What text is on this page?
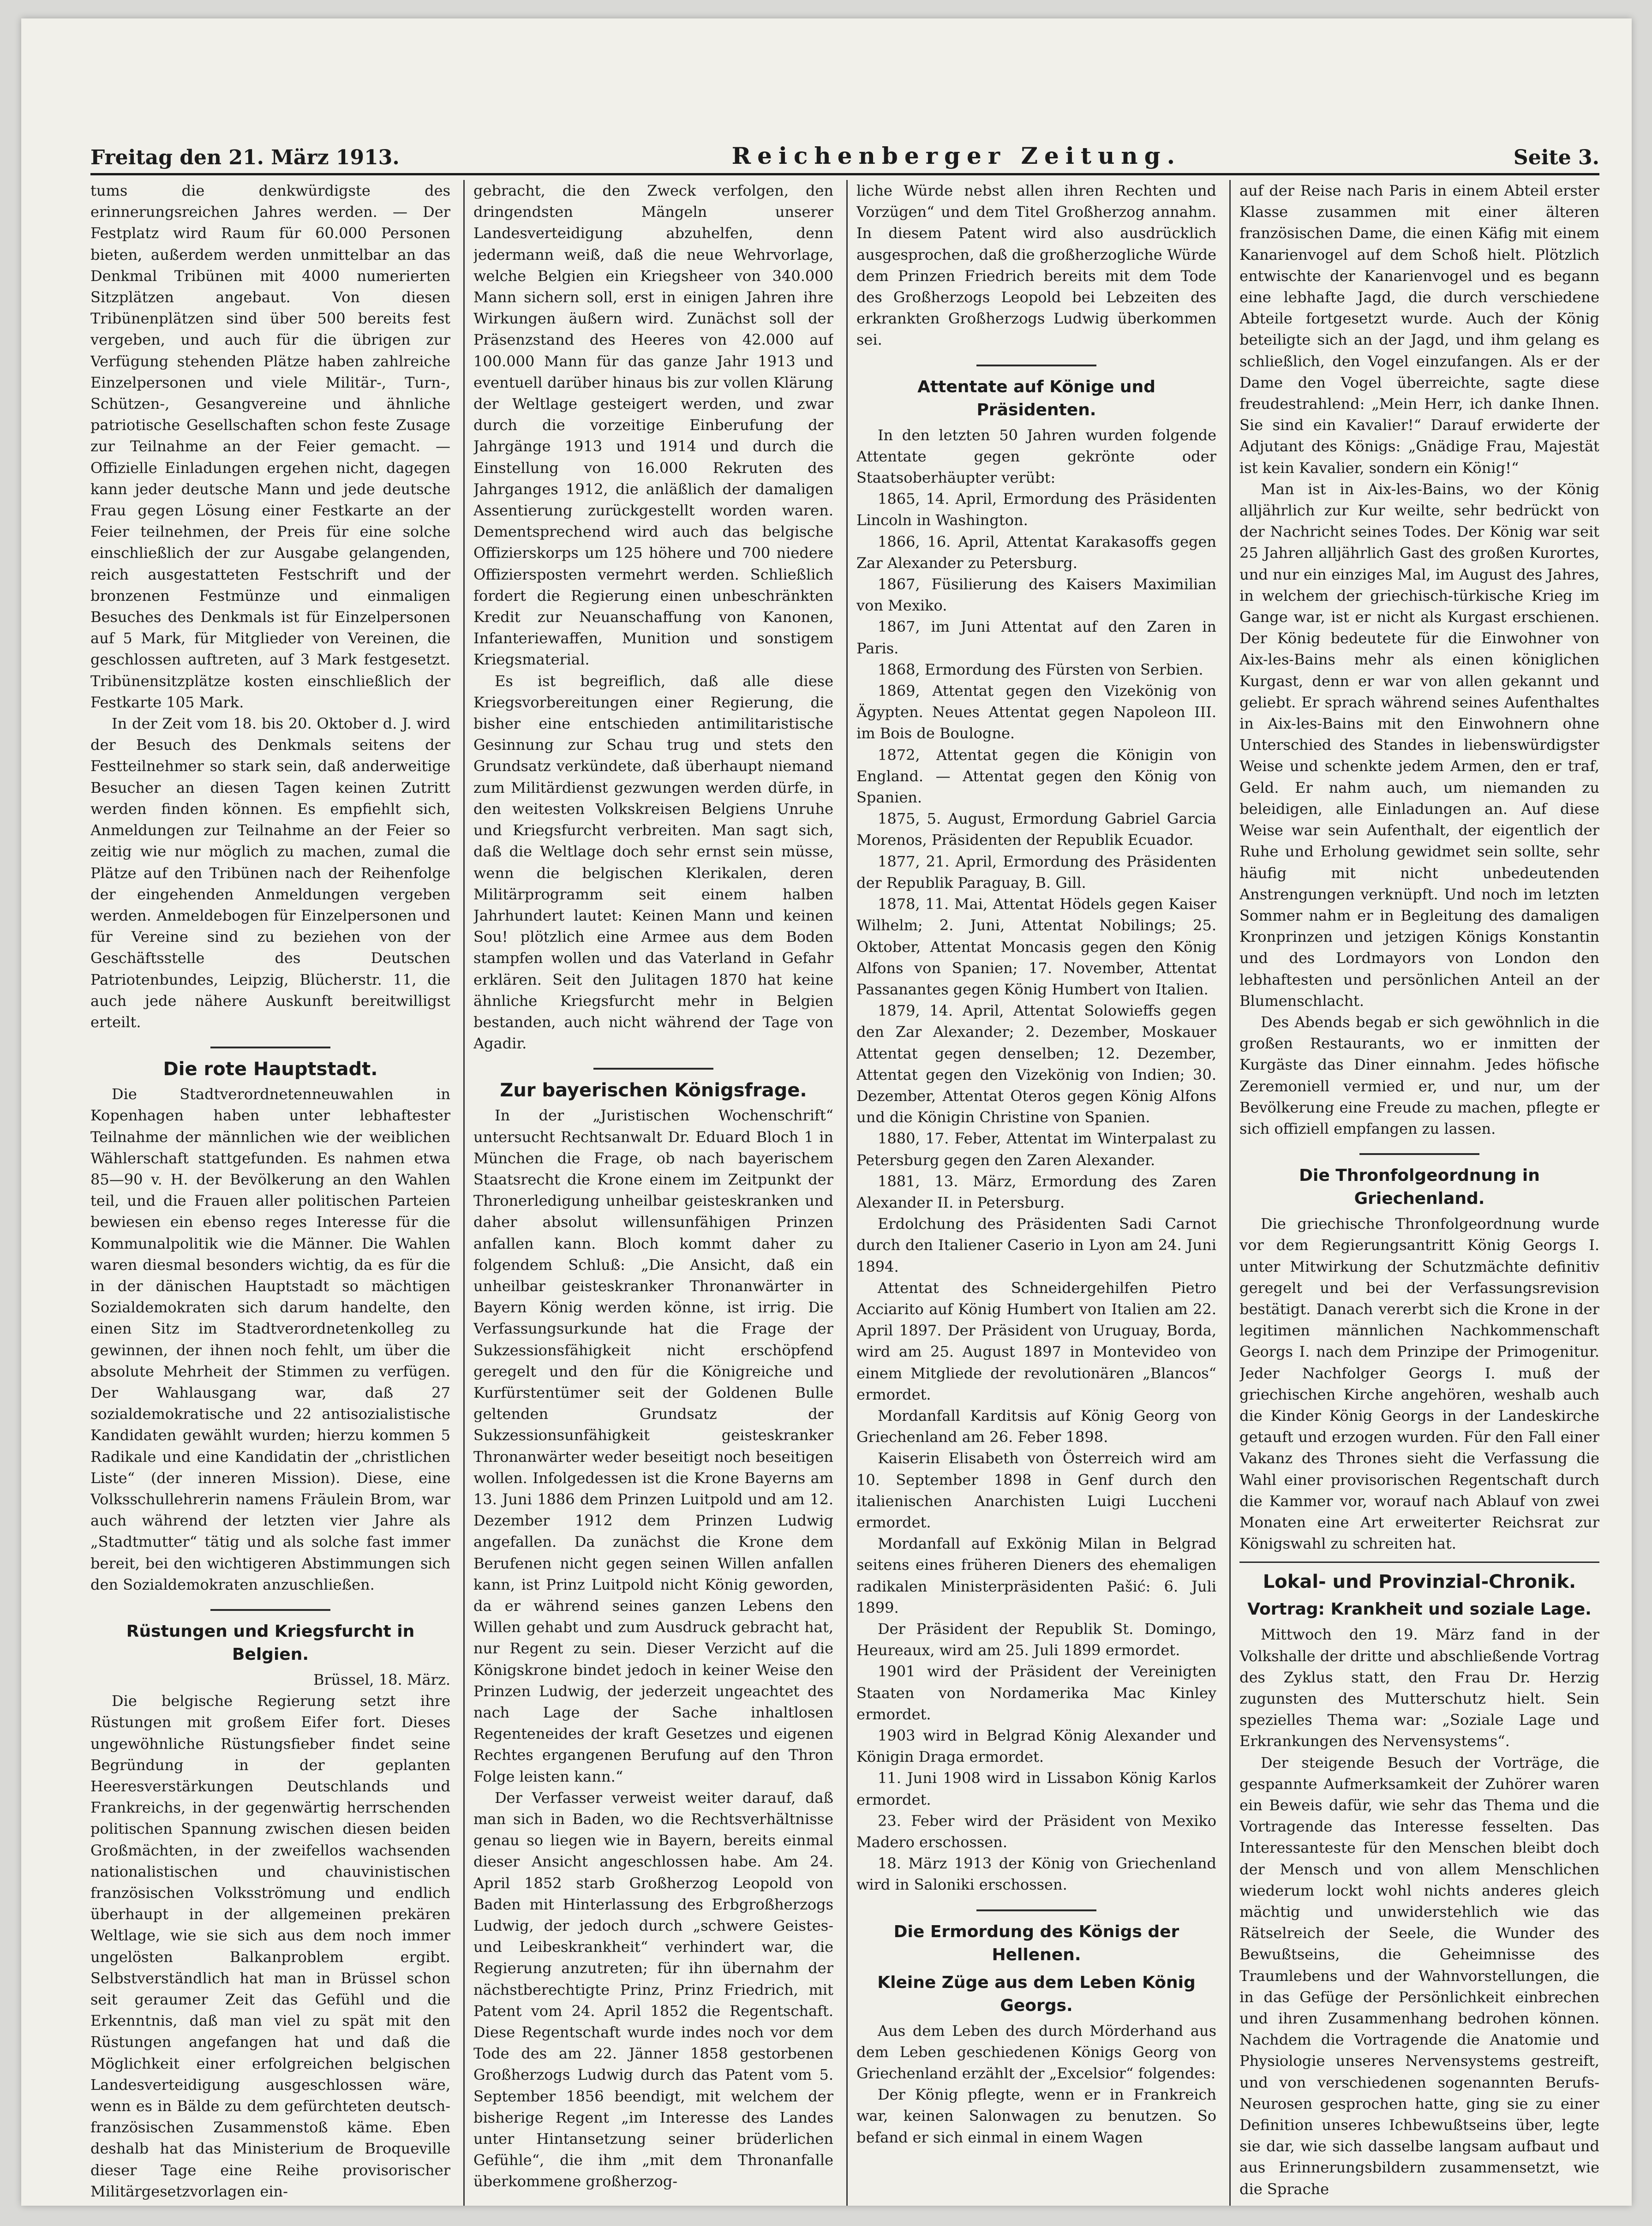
Freitag den 21. März 1913.	Reichenberger Zeitung.	Seite 3.

tums die denkwürdigste des erinnerungsreichen Jahres werden. — Der Festplatz wird Raum für 60.000 Personen bieten, außerdem werden unmittelbar an das Denkmal Tribünen mit 4000 numerierten Sitzplätzen angebaut. Von diesen Tribünenplätzen sind über 500 bereits fest vergeben, und auch für die übrigen zur Verfügung stehenden Plätze haben zahlreiche Einzelpersonen und viele Militär-, Turn-, Schützen-, Gesangvereine und ähnliche patriotische Gesellschaften schon feste Zusage zur Teilnahme an der Feier gemacht. — Offizielle Einladungen ergehen nicht, dagegen kann jeder deutsche Mann und jede deutsche Frau gegen Lösung einer Festkarte an der Feier teilnehmen, der Preis für eine solche einschließlich der zur Ausgabe gelangenden, reich ausgestatteten Festschrift und der bronzenen Festmünze und einmaligen Besuches des Denkmals ist für Einzelpersonen auf 5 Mark, für Mitglieder von Vereinen, die geschlossen auftreten, auf 3 Mark festgesetzt. Tribünensitzplätze kosten einschließlich der Festkarte 105 Mark.

In der Zeit vom 18. bis 20. Oktober d. J. wird der Besuch des Denkmals seitens der Festteilnehmer so stark sein, daß anderweitige Besucher an diesen Tagen keinen Zutritt werden finden können. Es empfiehlt sich, Anmeldungen zur Teilnahme an der Feier so zeitig wie nur möglich zu machen, zumal die Plätze auf den Tribünen nach der Reihenfolge der eingehenden Anmeldungen vergeben werden. Anmeldebogen für Einzelpersonen und für Vereine sind zu beziehen von der Geschäftsstelle des Deutschen Patriotenbundes, Leipzig, Blücherstr. 11, die auch jede nähere Auskunft bereitwilligst erteilt.

Die rote Hauptstadt.

Die Stadtverordnetenneuwahlen in Kopenhagen haben unter lebhaftester Teilnahme der männlichen wie der weiblichen Wählerschaft stattgefunden. Es nahmen etwa 85—90 v. H. der Bevölkerung an den Wahlen teil, und die Frauen aller politischen Parteien bewiesen ein ebenso reges Interesse für die Kommunalpolitik wie die Männer. Die Wahlen waren diesmal besonders wichtig, da es für die in der dänischen Hauptstadt so mächtigen Sozialdemokraten sich darum handelte, den einen Sitz im Stadtverordnetenkolleg zu gewinnen, der ihnen noch fehlt, um über die absolute Mehrheit der Stimmen zu verfügen. Der Wahlausgang war, daß 27 sozialdemokratische und 22 antisozialistische Kandidaten gewählt wurden; hierzu kommen 5 Radikale und eine Kandidatin der „christlichen Liste“ (der inneren Mission). Diese, eine Volksschullehrerin namens Fräulein Brom, war auch während der letzten vier Jahre als „Stadtmutter“ tätig und als solche fast immer bereit, bei den wichtigeren Abstimmungen sich den Sozialdemokraten anzuschließen.

Rüstungen und Kriegsfurcht in Belgien.

Brüssel, 18. März.

Die belgische Regierung setzt ihre Rüstungen mit großem Eifer fort. Dieses ungewöhnliche Rüstungsfieber findet seine Begründung in der geplanten Heeresverstärkungen Deutschlands und Frankreichs, in der gegenwärtig herrschenden politischen Spannung zwischen diesen beiden Großmächten, in der zweifellos wachsenden nationalistischen und chauvinistischen französischen Volksströmung und endlich überhaupt in der allgemeinen prekären Weltlage, wie sie sich aus dem noch immer ungelösten Balkanproblem ergibt. Selbstverständlich hat man in Brüssel schon seit geraumer Zeit das Gefühl und die Erkenntnis, daß man viel zu spät mit den Rüstungen angefangen hat und daß die Möglichkeit einer erfolgreichen belgischen Landesverteidigung ausgeschlossen wäre, wenn es in Bälde zu dem gefürchteten deutsch-französischen Zusammenstoß käme. Eben deshalb hat das Ministerium de Broqueville dieser Tage eine Reihe provisorischer Militärgesetzvorlagen ein-

gebracht, die den Zweck verfolgen, den dringendsten Mängeln unserer Landesverteidigung abzuhelfen, denn jedermann weiß, daß die neue Wehrvorlage, welche Belgien ein Kriegsheer von 340.000 Mann sichern soll, erst in einigen Jahren ihre Wirkungen äußern wird. Zunächst soll der Präsenzstand des Heeres von 42.000 auf 100.000 Mann für das ganze Jahr 1913 und eventuell darüber hinaus bis zur vollen Klärung der Weltlage gesteigert werden, und zwar durch die vorzeitige Einberufung der Jahrgänge 1913 und 1914 und durch die Einstellung von 16.000 Rekruten des Jahrganges 1912, die anläßlich der damaligen Assentierung zurückgestellt worden waren. Dementsprechend wird auch das belgische Offizierskorps um 125 höhere und 700 niedere Offiziersposten vermehrt werden. Schließlich fordert die Regierung einen unbeschränkten Kredit zur Neuanschaffung von Kanonen, Infanteriewaffen, Munition und sonstigem Kriegsmaterial.

Es ist begreiflich, daß alle diese Kriegsvorbereitungen einer Regierung, die bisher eine entschieden antimilitaristische Gesinnung zur Schau trug und stets den Grundsatz verkündete, daß überhaupt niemand zum Militärdienst gezwungen werden dürfe, in den weitesten Volkskreisen Belgiens Unruhe und Kriegsfurcht verbreiten. Man sagt sich, daß die Weltlage doch sehr ernst sein müsse, wenn die belgischen Klerikalen, deren Militärprogramm seit einem halben Jahrhundert lautet: Keinen Mann und keinen Sou! plötzlich eine Armee aus dem Boden stampfen wollen und das Vaterland in Gefahr erklären. Seit den Julitagen 1870 hat keine ähnliche Kriegsfurcht mehr in Belgien bestanden, auch nicht während der Tage von Agadir.

Zur bayerischen Königsfrage.

In der „Juristischen Wochenschrift“ untersucht Rechtsanwalt Dr. Eduard Bloch 1 in München die Frage, ob nach bayerischem Staatsrecht die Krone einem im Zeitpunkt der Thronerledigung unheilbar geisteskranken und daher absolut willensunfähigen Prinzen anfallen kann. Bloch kommt daher zu folgendem Schluß: „Die Ansicht, daß ein unheilbar geisteskranker Thronanwärter in Bayern König werden könne, ist irrig. Die Verfassungsurkunde hat die Frage der Sukzessionsfähigkeit nicht erschöpfend geregelt und den für die Königreiche und Kurfürstentümer seit der Goldenen Bulle geltenden Grundsatz der Sukzessionsunfähigkeit geisteskranker Thronanwärter weder beseitigt noch beseitigen wollen. Infolgedessen ist die Krone Bayerns am 13. Juni 1886 dem Prinzen Luitpold und am 12. Dezember 1912 dem Prinzen Ludwig angefallen. Da zunächst die Krone dem Berufenen nicht gegen seinen Willen anfallen kann, ist Prinz Luitpold nicht König geworden, da er während seines ganzen Lebens den Willen gehabt und zum Ausdruck gebracht hat, nur Regent zu sein. Dieser Verzicht auf die Königskrone bindet jedoch in keiner Weise den Prinzen Ludwig, der jederzeit ungeachtet des nach Lage der Sache inhaltlosen Regenteneides der kraft Gesetzes und eigenen Rechtes ergangenen Berufung auf den Thron Folge leisten kann.“

Der Verfasser verweist weiter darauf, daß man sich in Baden, wo die Rechtsverhältnisse genau so liegen wie in Bayern, bereits einmal dieser Ansicht angeschlossen habe. Am 24. April 1852 starb Großherzog Leopold von Baden mit Hinterlassung des Erbgroßherzogs Ludwig, der jedoch durch „schwere Geistes- und Leibeskrankheit“ verhindert war, die Regierung anzutreten; für ihn übernahm der nächstberechtigte Prinz, Prinz Friedrich, mit Patent vom 24. April 1852 die Regentschaft. Diese Regentschaft wurde indes noch vor dem Tode des am 22. Jänner 1858 gestorbenen Großherzogs Ludwig durch das Patent vom 5. September 1856 beendigt, mit welchem der bisherige Regent „im Interesse des Landes unter Hintansetzung seiner brüderlichen Gefühle“, die ihm „mit dem Thronanfalle überkommene großherzog-

liche Würde nebst allen ihren Rechten und Vorzügen“ und dem Titel Großherzog annahm. In diesem Patent wird also ausdrücklich ausgesprochen, daß die großherzogliche Würde dem Prinzen Friedrich bereits mit dem Tode des Großherzogs Leopold bei Lebzeiten des erkrankten Großherzogs Ludwig überkommen sei.

Attentate auf Könige und Präsidenten.

In den letzten 50 Jahren wurden folgende Attentate gegen gekrönte oder Staatsoberhäupter verübt:

1865, 14. April, Ermordung des Präsidenten Lincoln in Washington.

1866, 16. April, Attentat Karakasoffs gegen Zar Alexander zu Petersburg.

1867, Füsilierung des Kaisers Maximilian von Mexiko.

1867, im Juni Attentat auf den Zaren in Paris.

1868, Ermordung des Fürsten von Serbien.

1869, Attentat gegen den Vizekönig von Ägypten. Neues Attentat gegen Napoleon III. im Bois de Boulogne.

1872, Attentat gegen die Königin von England. — Attentat gegen den König von Spanien.

1875, 5. August, Ermordung Gabriel Garcia Morenos, Präsidenten der Republik Ecuador.

1877, 21. April, Ermordung des Präsidenten der Republik Paraguay, B. Gill.

1878, 11. Mai, Attentat Hödels gegen Kaiser Wilhelm; 2. Juni, Attentat Nobilings; 25. Oktober, Attentat Moncasis gegen den König Alfons von Spanien; 17. November, Attentat Passanantes gegen König Humbert von Italien.

1879, 14. April, Attentat Solowieffs gegen den Zar Alexander; 2. Dezember, Moskauer Attentat gegen denselben; 12. Dezember, Attentat gegen den Vizekönig von Indien; 30. Dezember, Attentat Oteros gegen König Alfons und die Königin Christine von Spanien.

1880, 17. Feber, Attentat im Winterpalast zu Petersburg gegen den Zaren Alexander.

1881, 13. März, Ermordung des Zaren Alexander II. in Petersburg.

Erdolchung des Präsidenten Sadi Carnot durch den Italiener Caserio in Lyon am 24. Juni 1894.

Attentat des Schneidergehilfen Pietro Acciarito auf König Humbert von Italien am 22. April 1897. Der Präsident von Uruguay, Borda, wird am 25. August 1897 in Montevideo von einem Mitgliede der revolutionären „Blancos“ ermordet.

Mordanfall Karditsis auf König Georg von Griechenland am 26. Feber 1898.

Kaiserin Elisabeth von Österreich wird am 10. September 1898 in Genf durch den italienischen Anarchisten Luigi Luccheni ermordet.

Mordanfall auf Exkönig Milan in Belgrad seitens eines früheren Dieners des ehemaligen radikalen Ministerpräsidenten Pašić: 6. Juli 1899.

Der Präsident der Republik St. Domingo, Heureaux, wird am 25. Juli 1899 ermordet.

1901 wird der Präsident der Vereinigten Staaten von Nordamerika Mac Kinley ermordet.

1903 wird in Belgrad König Alexander und Königin Draga ermordet.

11. Juni 1908 wird in Lissabon König Karlos ermordet.

23. Feber wird der Präsident von Mexiko Madero erschossen.

18. März 1913 der König von Griechenland wird in Saloniki erschossen.

Die Ermordung des Königs der Hellenen.
Kleine Züge aus dem Leben König Georgs.

Aus dem Leben des durch Mörderhand aus dem Leben geschiedenen Königs Georg von Griechenland erzählt der „Excelsior“ folgendes:

Der König pflegte, wenn er in Frankreich war, keinen Salonwagen zu benutzen. So befand er sich einmal in einem Wagen

auf der Reise nach Paris in einem Abteil erster Klasse zusammen mit einer älteren französischen Dame, die einen Käfig mit einem Kanarienvogel auf dem Schoß hielt. Plötzlich entwischte der Kanarienvogel und es begann eine lebhafte Jagd, die durch verschiedene Abteile fortgesetzt wurde. Auch der König beteiligte sich an der Jagd, und ihm gelang es schließlich, den Vogel einzufangen. Als er der Dame den Vogel überreichte, sagte diese freudestrahlend: „Mein Herr, ich danke Ihnen. Sie sind ein Kavalier!“ Darauf erwiderte der Adjutant des Königs: „Gnädige Frau, Majestät ist kein Kavalier, sondern ein König!“

Man ist in Aix-les-Bains, wo der König alljährlich zur Kur weilte, sehr bedrückt von der Nachricht seines Todes. Der König war seit 25 Jahren alljährlich Gast des großen Kurortes, und nur ein einziges Mal, im August des Jahres, in welchem der griechisch-türkische Krieg im Gange war, ist er nicht als Kurgast erschienen. Der König bedeutete für die Einwohner von Aix-les-Bains mehr als einen königlichen Kurgast, denn er war von allen gekannt und geliebt. Er sprach während seines Aufenthaltes in Aix-les-Bains mit den Einwohnern ohne Unterschied des Standes in liebenswürdigster Weise und schenkte jedem Armen, den er traf, Geld. Er nahm auch, um niemanden zu beleidigen, alle Einladungen an. Auf diese Weise war sein Aufenthalt, der eigentlich der Ruhe und Erholung gewidmet sein sollte, sehr häufig mit nicht unbedeutenden Anstrengungen verknüpft. Und noch im letzten Sommer nahm er in Begleitung des damaligen Kronprinzen und jetzigen Königs Konstantin und des Lordmayors von London den lebhaftesten und persönlichen Anteil an der Blumenschlacht.

Des Abends begab er sich gewöhnlich in die großen Restaurants, wo er inmitten der Kurgäste das Diner einnahm. Jedes höfische Zeremoniell vermied er, und nur, um der Bevölkerung eine Freude zu machen, pflegte er sich offiziell empfangen zu lassen.

Die Thronfolgeordnung in Griechenland.

Die griechische Thronfolgeordnung wurde vor dem Regierungsantritt König Georgs I. unter Mitwirkung der Schutzmächte definitiv geregelt und bei der Verfassungsrevision bestätigt. Danach vererbt sich die Krone in der legitimen männlichen Nachkommenschaft Georgs I. nach dem Prinzipe der Primogenitur. Jeder Nachfolger Georgs I. muß der griechischen Kirche angehören, weshalb auch die Kinder König Georgs in der Landeskirche getauft und erzogen wurden. Für den Fall einer Vakanz des Thrones sieht die Verfassung die Wahl einer provisorischen Regentschaft durch die Kammer vor, worauf nach Ablauf von zwei Monaten eine Art erweiterter Reichsrat zur Königswahl zu schreiten hat.

Lokal- und Provinzial-Chronik.
Vortrag: Krankheit und soziale Lage.

Mittwoch den 19. März fand in der Volkshalle der dritte und abschließende Vortrag des Zyklus statt, den Frau Dr. Herzig zugunsten des Mutterschutz hielt. Sein spezielles Thema war: „Soziale Lage und Erkrankungen des Nervensystems“.

Der steigende Besuch der Vorträge, die gespannte Aufmerksamkeit der Zuhörer waren ein Beweis dafür, wie sehr das Thema und die Vortragende das Interesse fesselten. Das Interessanteste für den Menschen bleibt doch der Mensch und von allem Menschlichen wiederum lockt wohl nichts anderes gleich mächtig und unwiderstehlich wie das Rätselreich der Seele, die Wunder des Bewußtseins, die Geheimnisse des Traumlebens und der Wahnvorstellungen, die in das Gefüge der Persönlichkeit einbrechen und ihren Zusammenhang bedrohen können. Nachdem die Vortragende die Anatomie und Physiologie unseres Nervensystems gestreift, und von verschiedenen sogenannten Berufs-Neurosen gesprochen hatte, ging sie zu einer Definition unseres Ichbewußtseins über, legte sie dar, wie sich dasselbe langsam aufbaut und aus Erinnerungsbildern zusammensetzt, wie die Sprache
